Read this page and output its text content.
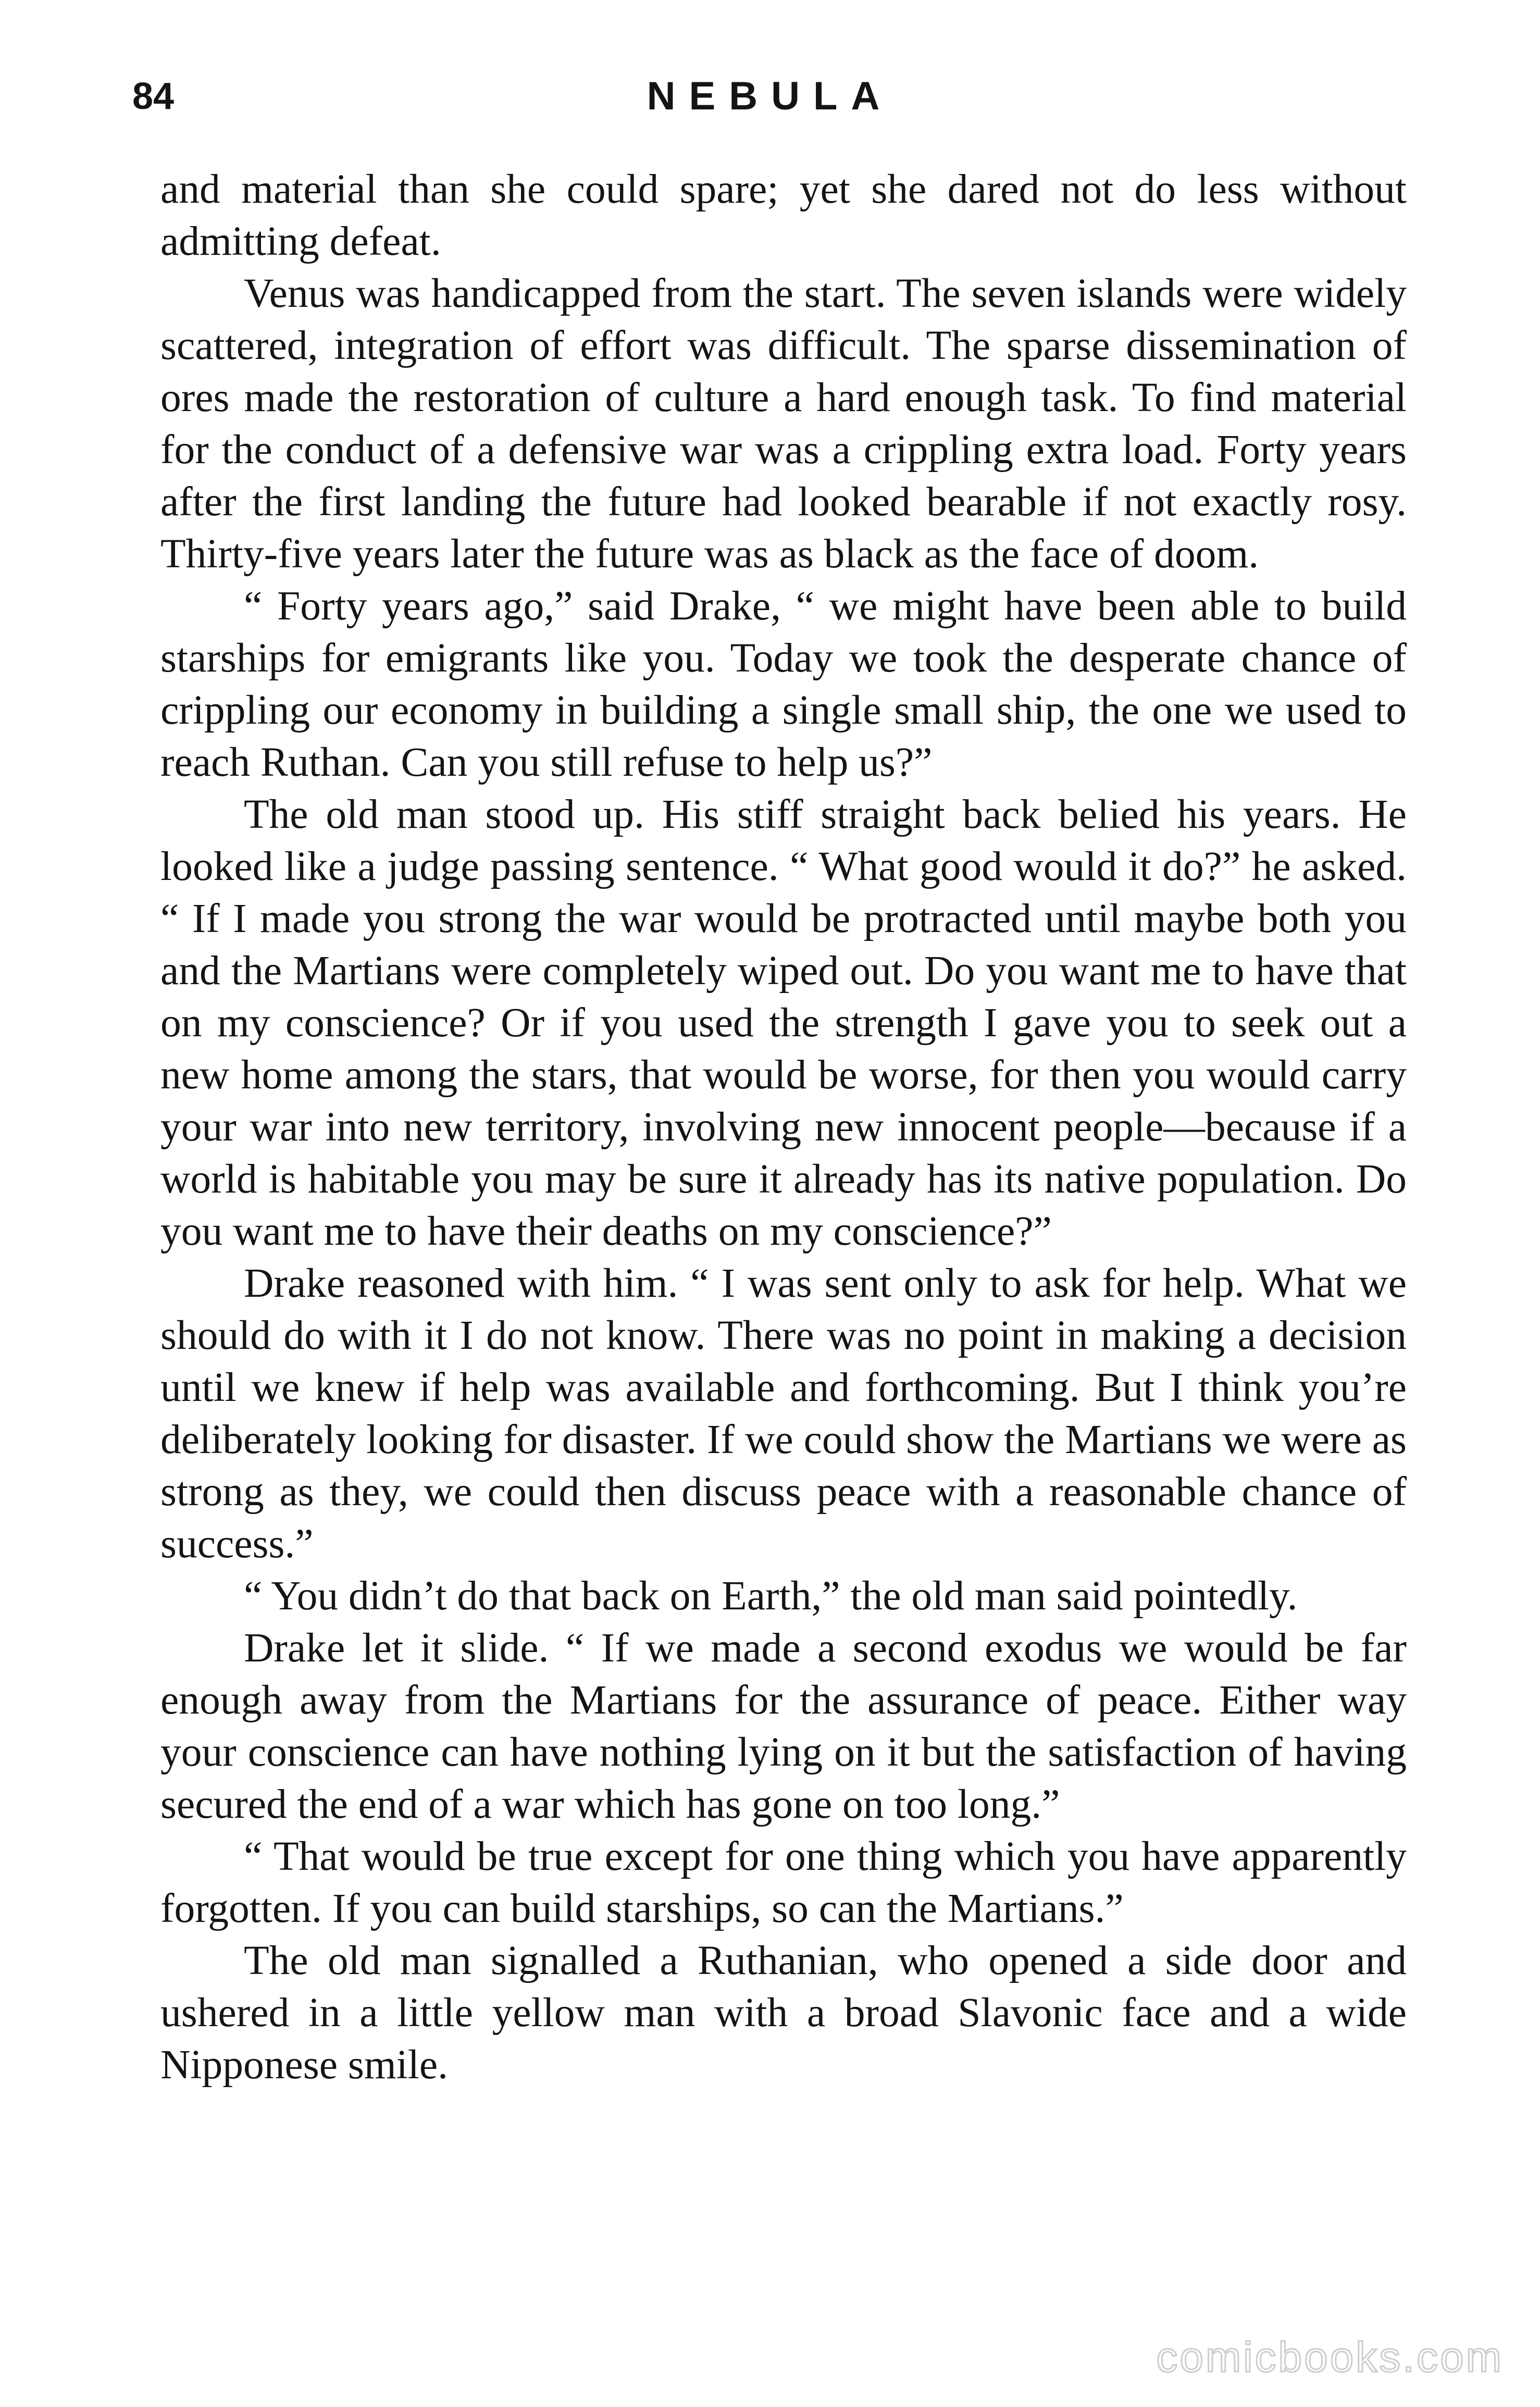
84	NEBULA

and material than she could spare; yet she dared not do less without admitting defeat.

Venus was handicapped from the start. The seven islands were widely scattered, integration of effort was difficult. The sparse dissemination of ores made the restoration of culture a hard enough task. To find material for the conduct of a defensive war was a crippling extra load. Forty years after the first landing the future had looked bearable if not exactly rosy. Thirty-five years later the future was as black as the face of doom.

“ Forty years ago,” said Drake, “ we might have been able to build starships for emigrants like you. Today we took the desperate chance of crippling our economy in building a single small ship, the one we used to reach Ruthan. Can you still refuse to help us?”

The old man stood up. His stiff straight back belied his years. He looked like a judge passing sentence. “ What good would it do?” he asked. “ If I made you strong the war would be protracted until maybe both you and the Martians were completely wiped out. Do you want me to have that on my conscience? Or if you used the strength I gave you to seek out a new home among the stars, that would be worse, for then you would carry your war into new territory, involving new innocent people—because if a world is habitable you may be sure it already has its native population. Do you want me to have their deaths on my conscience?”

Drake reasoned with him. “ I was sent only to ask for help. What we should do with it I do not know. There was no point in making a decision until we knew if help was available and forthcoming. But I think you’re deliberately looking for disaster. If we could show the Martians we were as strong as they, we could then discuss peace with a reasonable chance of success.”

“ You didn’t do that back on Earth,” the old man said pointedly.

Drake let it slide. “ If we made a second exodus we would be far enough away from the Martians for the assurance of peace. Either way your conscience can have nothing lying on it but the satisfaction of having secured the end of a war which has gone on too long.”

“ That would be true except for one thing which you have apparently forgotten. If you can build starships, so can the Martians.”

The old man signalled a Ruthanian, who opened a side door and ushered in a little yellow man with a broad Slavonic face and a wide Nipponese smile.

comicbooks.com
